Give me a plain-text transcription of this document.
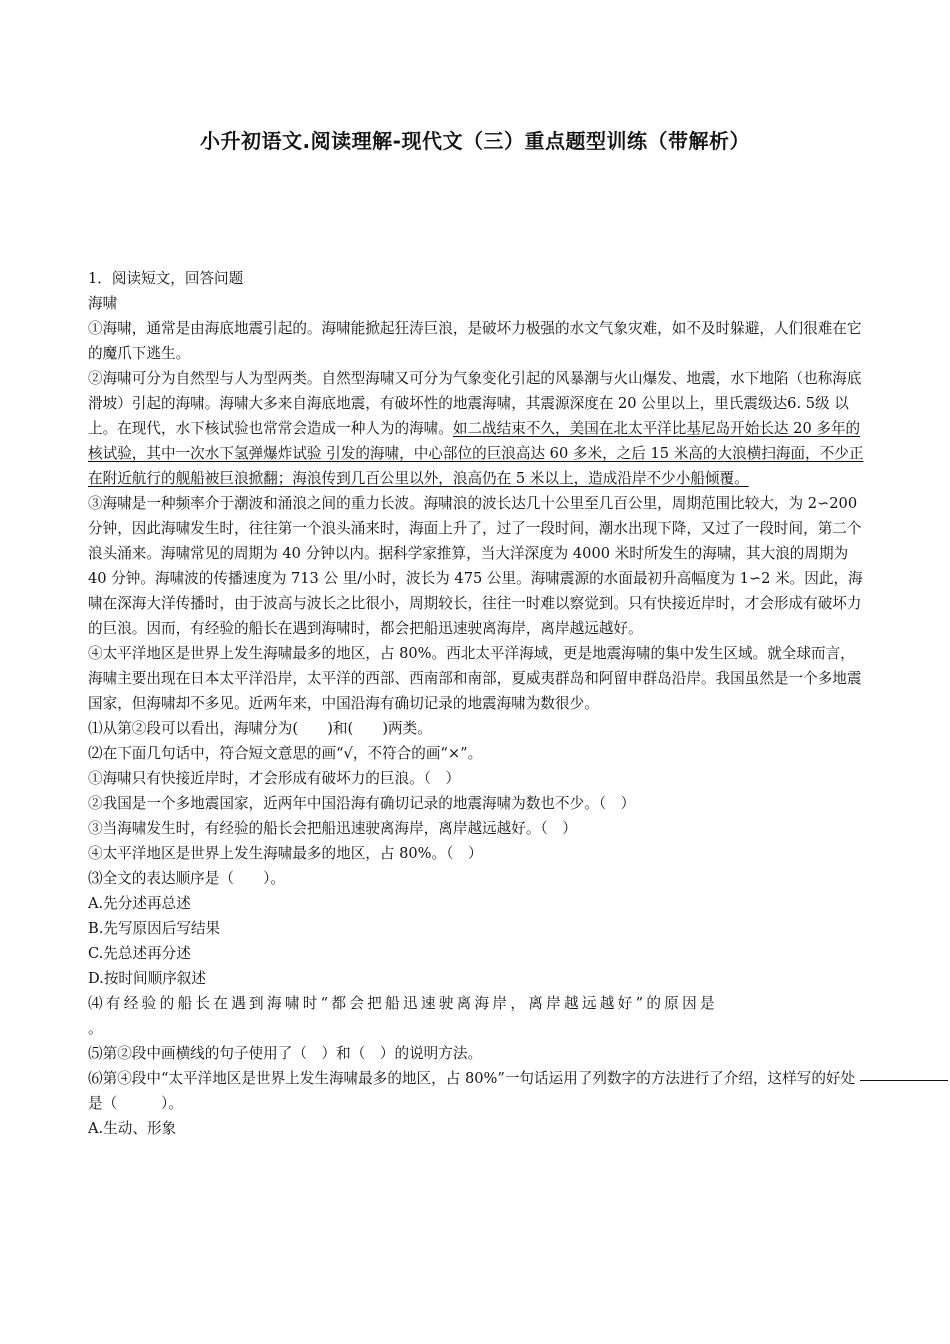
小升初语文.阅读理解-现代文（三）重点题型训练（带解析）

1．阅读短文，回答问题

海啸

①海啸，通常是由海底地震引起的。海啸能掀起狂涛巨浪，是破坏力极强的水文气象灾难，如不及时躲避，人们很难在它的魔爪下逃生。

②海啸可分为自然型与人为型两类。自然型海啸又可分为气象变化引起的风暴潮与火山爆发、地震，水下地陷（也称海底滑坡）引起的海啸。海啸大多来自海底地震，有破坏性的地震海啸，其震源深度在 20 公里以上，里氏震级达6. 5级 以上。在现代，水下核试验也常常会造成一种人为的海啸。如二战结束不久，美国在北太平洋比基尼岛开始长达 20 多年的核试验，其中一次水下氢弹爆炸试验 引发的海啸，中心部位的巨浪高达 60 多米，之后 15 米高的大浪横扫海面，不少正在附近航行的舰船被巨浪掀翻；海浪传到几百公里以外，浪高仍在 5 米以上，造成沿岸不少小船倾覆。

③海啸是一种频率介于潮波和涌浪之间的重力长波。海啸浪的波长达几十公里至几百公里，周期范围比较大，为 2∽200 分钟，因此海啸发生时，往往第一个浪头涌来时，海面上升了，过了一段时间，潮水出现下降，又过了一段时间，第二个浪头涌来。海啸常见的周期为 40 分钟以内。据科学家推算，当大洋深度为 4000 米时所发生的海啸，其大浪的周期为 40 分钟。海啸波的传播速度为 713 公 里/小时，波长为 475 公里。海啸震源的水面最初升高幅度为 1∽2 米。因此，海啸在深海大洋传播时，由于波高与波长之比很小，周期较长，往往一时难以察觉到。只有快接近岸时，才会形成有破坏力的巨浪。因而，有经验的船长在遇到海啸时，都会把船迅速驶离海岸，离岸越远越好。

④太平洋地区是世界上发生海啸最多的地区，占 80%。西北太平洋海域，更是地震海啸的集中发生区域。就全球而言，海啸主要出现在日本太平洋沿岸，太平洋的西部、西南部和南部，夏威夷群岛和阿留申群岛沿岸。我国虽然是一个多地震国家，但海啸却不多见。近两年来，中国沿海有确切记录的地震海啸为数很少。

⑴从第②段可以看出，海啸分为(　　)和(　　)两类。

⑵在下面几句话中，符合短文意思的画“√，不符合的画“×”。

①海啸只有快接近岸时，才会形成有破坏力的巨浪。（　）

②我国是一个多地震国家，近两年中国沿海有确切记录的地震海啸为数也不少。（　）

③当海啸发生时，有经验的船长会把船迅速驶离海岸，离岸越远越好。（　）

④太平洋地区是世界上发生海啸最多的地区，占 80%。（　）

⑶全文的表达顺序是（　　）。

A.先分述再总述

B.先写原因后写结果

C.先总述再分述

D.按时间顺序叙述

⑷有经验的船长在遇到海啸时“都会把船迅速驶离海岸，离岸越远越好”的原因是

。

⑸第②段中画横线的句子使用了（　）和（　）的说明方法。

⑹第④段中“太平洋地区是世界上发生海啸最多的地区，占 80%”一句话运用了列数字的方法进行了介绍，这样写的好处是（　　　）。

A.生动、形象
